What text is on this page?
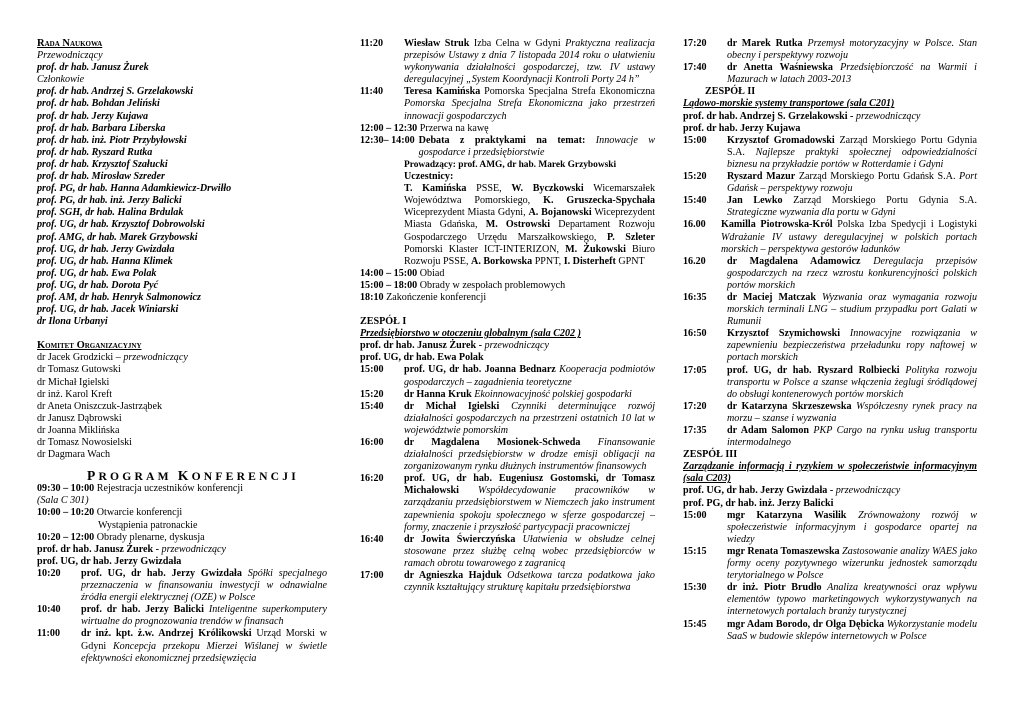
Rada Naukowa
Przewodniczący
prof. dr hab. Janusz Żurek
Członkowie
prof. dr hab. Andrzej S. Grzelakowski
prof. dr hab. Bohdan Jeliński
prof. dr hab. Jerzy Kujawa
prof. dr hab. Barbara Liberska
prof. dr hab. inż. Piotr Przybyłowski
prof. dr hab. Ryszard Rutka
prof. dr hab. Krzysztof Szałucki
prof. dr hab. Mirosław Szreder
prof. PG, dr hab. Hanna Adamkiewicz-Drwiłło
prof. PG, dr hab. inż. Jerzy Balicki
prof. SGH, dr hab. Halina Brdulak
prof. UG, dr hab. Krzysztof Dobrowolski
prof. AMG, dr hab. Marek Grzybowski
prof. UG, dr hab. Jerzy Gwizdała
prof. UG, dr hab. Hanna Klimek
prof. UG, dr hab. Ewa Polak
prof. UG, dr hab. Dorota Pyć
prof. AM, dr hab. Henryk Salmonowicz
prof. UG, dr hab. Jacek Winiarski
dr Ilona Urbanyi
Komitet Organizacyjny
dr Jacek Grodzicki – przewodniczący
dr Tomasz Gutowski
dr Michał Igielski
dr inż. Karol Kreft
dr Aneta Oniszczuk-Jastrząbek
dr Janusz Dąbrowski
dr Joanna Miklińska
dr Tomasz Nowosielski
dr Dagmara Wach
PROGRAM KONFERENCJI
09:30 – 10:00 Rejestracja uczestników konferencji
(Sala C 301)
10:00 – 10:20 Otwarcie konferencji
Wystąpienia patronackie
10:20 – 12:00 Obrady plenarne, dyskusja
prof. dr hab. Janusz Żurek - przewodniczący
prof. UG, dr hab. Jerzy Gwizdała
10:20	prof. UG, dr hab. Jerzy Gwizdała Spółki specjalnego przeznaczenia w finansowaniu inwestycji w odnawialne źródła energii elektrycznej (OZE) w Polsce
10:40	prof. dr hab. Jerzy Balicki Inteligentne superkomputery wirtualne do prognozowania trendów w finansach
11:00	dr inż. kpt. ż.w. Andrzej Królikowski Urząd Morski w Gdyni Koncepcja przekopu Mierzei Wiślanej w świetle efektywności ekonomicznej przedsięwzięcia
11:20	Wiesław Struk Izba Celna w Gdyni Praktyczna realizacja przepisów Ustawy z dnia 7 listopada 2014 roku o ułatwieniu wykonywania działalności gospodarczej, tzw. IV ustawy deregulacyjnej „System Koordynacji Kontroli Porty 24 h”
11:40	Teresa Kamińska Pomorska Specjalna Strefa Ekonomiczna Pomorska Specjalna Strefa Ekonomiczna jako przestrzeń innowacji gospodarczych
12:00 – 12:30 Przerwa na kawę
12:30– 14:00 Debata z praktykami na temat: Innowacje w gospodarce i przedsiębiorstwie
Prowadzący: prof. AMG, dr hab. Marek Grzybowski
Uczestnicy:
T. Kamińska PSSE, W. Byczkowski Wicemarszałek Województwa Pomorskiego, K. Gruszecka-Spychała Wiceprezydent Miasta Gdyni, A. Bojanowski Wiceprezydent Miasta Gdańska, M. Ostrowski Departament Rozwoju Gospodarczego Urzędu Marszałkowskiego, P. Szleter Pomorski Klaster ICT-INTERIZON, M. Żukowski Biuro Rozwoju PSSE, A. Borkowska PPNT, I. Disterheft GPNT
14:00 – 15:00 Obiad
15:00 – 18:00 Obrady w zespołach problemowych
18:10 Zakończenie konferencji
ZESPÓŁ I
Przedsiębiorstwo w otoczeniu globalnym (sala C202 )
prof. dr hab. Janusz Żurek - przewodniczący
prof. UG, dr hab. Ewa Polak
15:00	prof. UG, dr hab. Joanna Bednarz Kooperacja podmiotów gospodarczych – zagadnienia teoretyczne
15:20	dr Hanna Kruk Ekoinnowacyjność polskiej gospodarki
15:40	dr Michał Igielski Czynniki determinujące rozwój działalności gospodarczych na przestrzeni ostatnich 10 lat w województwie pomorskim
16:00	dr Magdalena Mosionek-Schweda Finansowanie działalności przedsiębiorstw w drodze emisji obligacji na zorganizowanym rynku dłużnych instrumentów finansowych
16:20	prof. UG, dr hab. Eugeniusz Gostomski, dr Tomasz Michałowski Współdecydowanie pracowników w zarządzaniu przedsiębiorstwem w Niemczech jako instrument zapewnienia spokoju społecznego w sferze gospodarczej – formy, znaczenie i przyszłość partycypacji pracowniczej
16:40	dr Jowita Świerczyńska Ułatwienia w obsłudze celnej stosowane przez służbę celną wobec przedsiębiorców w ramach obrotu towarowego z zagranicą
17:00	dr Agnieszka Hajduk Odsetkowa tarcza podatkowa jako czynnik kształtujący strukturę kapitału przedsiębiorstwa
17:20	dr Marek Rutka Przemysł motoryzacyjny w Polsce. Stan obecny i perspektywy rozwoju
17:40	dr Anetta Waśniewska Przedsiębiorczość na Warmii i Mazurach w latach 2003-2013
ZESPÓŁ II
Lądowo-morskie systemy transportowe (sala C201)
prof. dr hab. Andrzej S. Grzelakowski - przewodniczący
prof. dr hab. Jerzy Kujawa
15:00	Krzysztof Gromadowski Zarząd Morskiego Portu Gdynia S.A. Najlepsze praktyki społecznej odpowiedzialności biznesu na przykładzie portów w Rotterdamie i Gdyni
15:20	Ryszard Mazur Zarząd Morskiego Portu Gdańsk S.A. Port Gdańsk – perspektywy rozwoju
15:40	Jan Lewko Zarząd Morskiego Portu Gdynia S.A. Strategiczne wyzwania dla portu w Gdyni
16.00	Kamilla Piotrowska-Król Polska Izba Spedycji i Logistyki Wdrażanie IV ustawy deregulacyjnej w polskich portach morskich – perspektywa gestorów ładunków
16.20	dr Magdalena Adamowicz Deregulacja przepisów gospodarczych na rzecz wzrostu konkurencyjności polskich portów morskich
16:35	dr Maciej Matczak Wyzwania oraz wymagania rozwoju morskich terminali LNG – studium przypadku port Galati w Rumunii
16:50	Krzysztof Szymichowski Innowacyjne rozwiązania w zapewnieniu bezpieczeństwa przeładunku ropy naftowej w portach morskich
17:05	prof. UG, dr hab. Ryszard Rolbiecki Polityka rozwoju transportu w Polsce a szanse włączenia żeglugi śródlądowej do obsługi kontenerowych portów morskich
17:20	dr Katarzyna Skrzeszewska Współczesny rynek pracy na morzu – szanse i wyzwania
17:35	dr Adam Salomon PKP Cargo na rynku usług transportu intermodalnego
ZESPÓŁ III
Zarządzanie informacją i ryzykiem w społeczeństwie informacyjnym (sala C203)
prof. UG, dr hab. Jerzy Gwizdała - przewodniczący
prof. PG, dr hab. inż. Jerzy Balicki
15:00	mgr Katarzyna Wasilik Zrównoważony rozwój w społeczeństwie informacyjnym i gospodarce opartej na wiedzy
15:15	mgr Renata Tomaszewska Zastosowanie analizy WAES jako formy oceny pozytywnego wizerunku jednostek samorządu terytorialnego w Polsce
15:30	dr inż. Piotr Brudło Analiza kreatywności oraz wpływu elementów typowo marketingowych wykorzystywanych na internetowych portalach branży turystycznej
15:45	mgr Adam Borodo, dr Olga Dębicka Wykorzystanie modelu SaaS w budowie sklepów internetowych w Polsce
